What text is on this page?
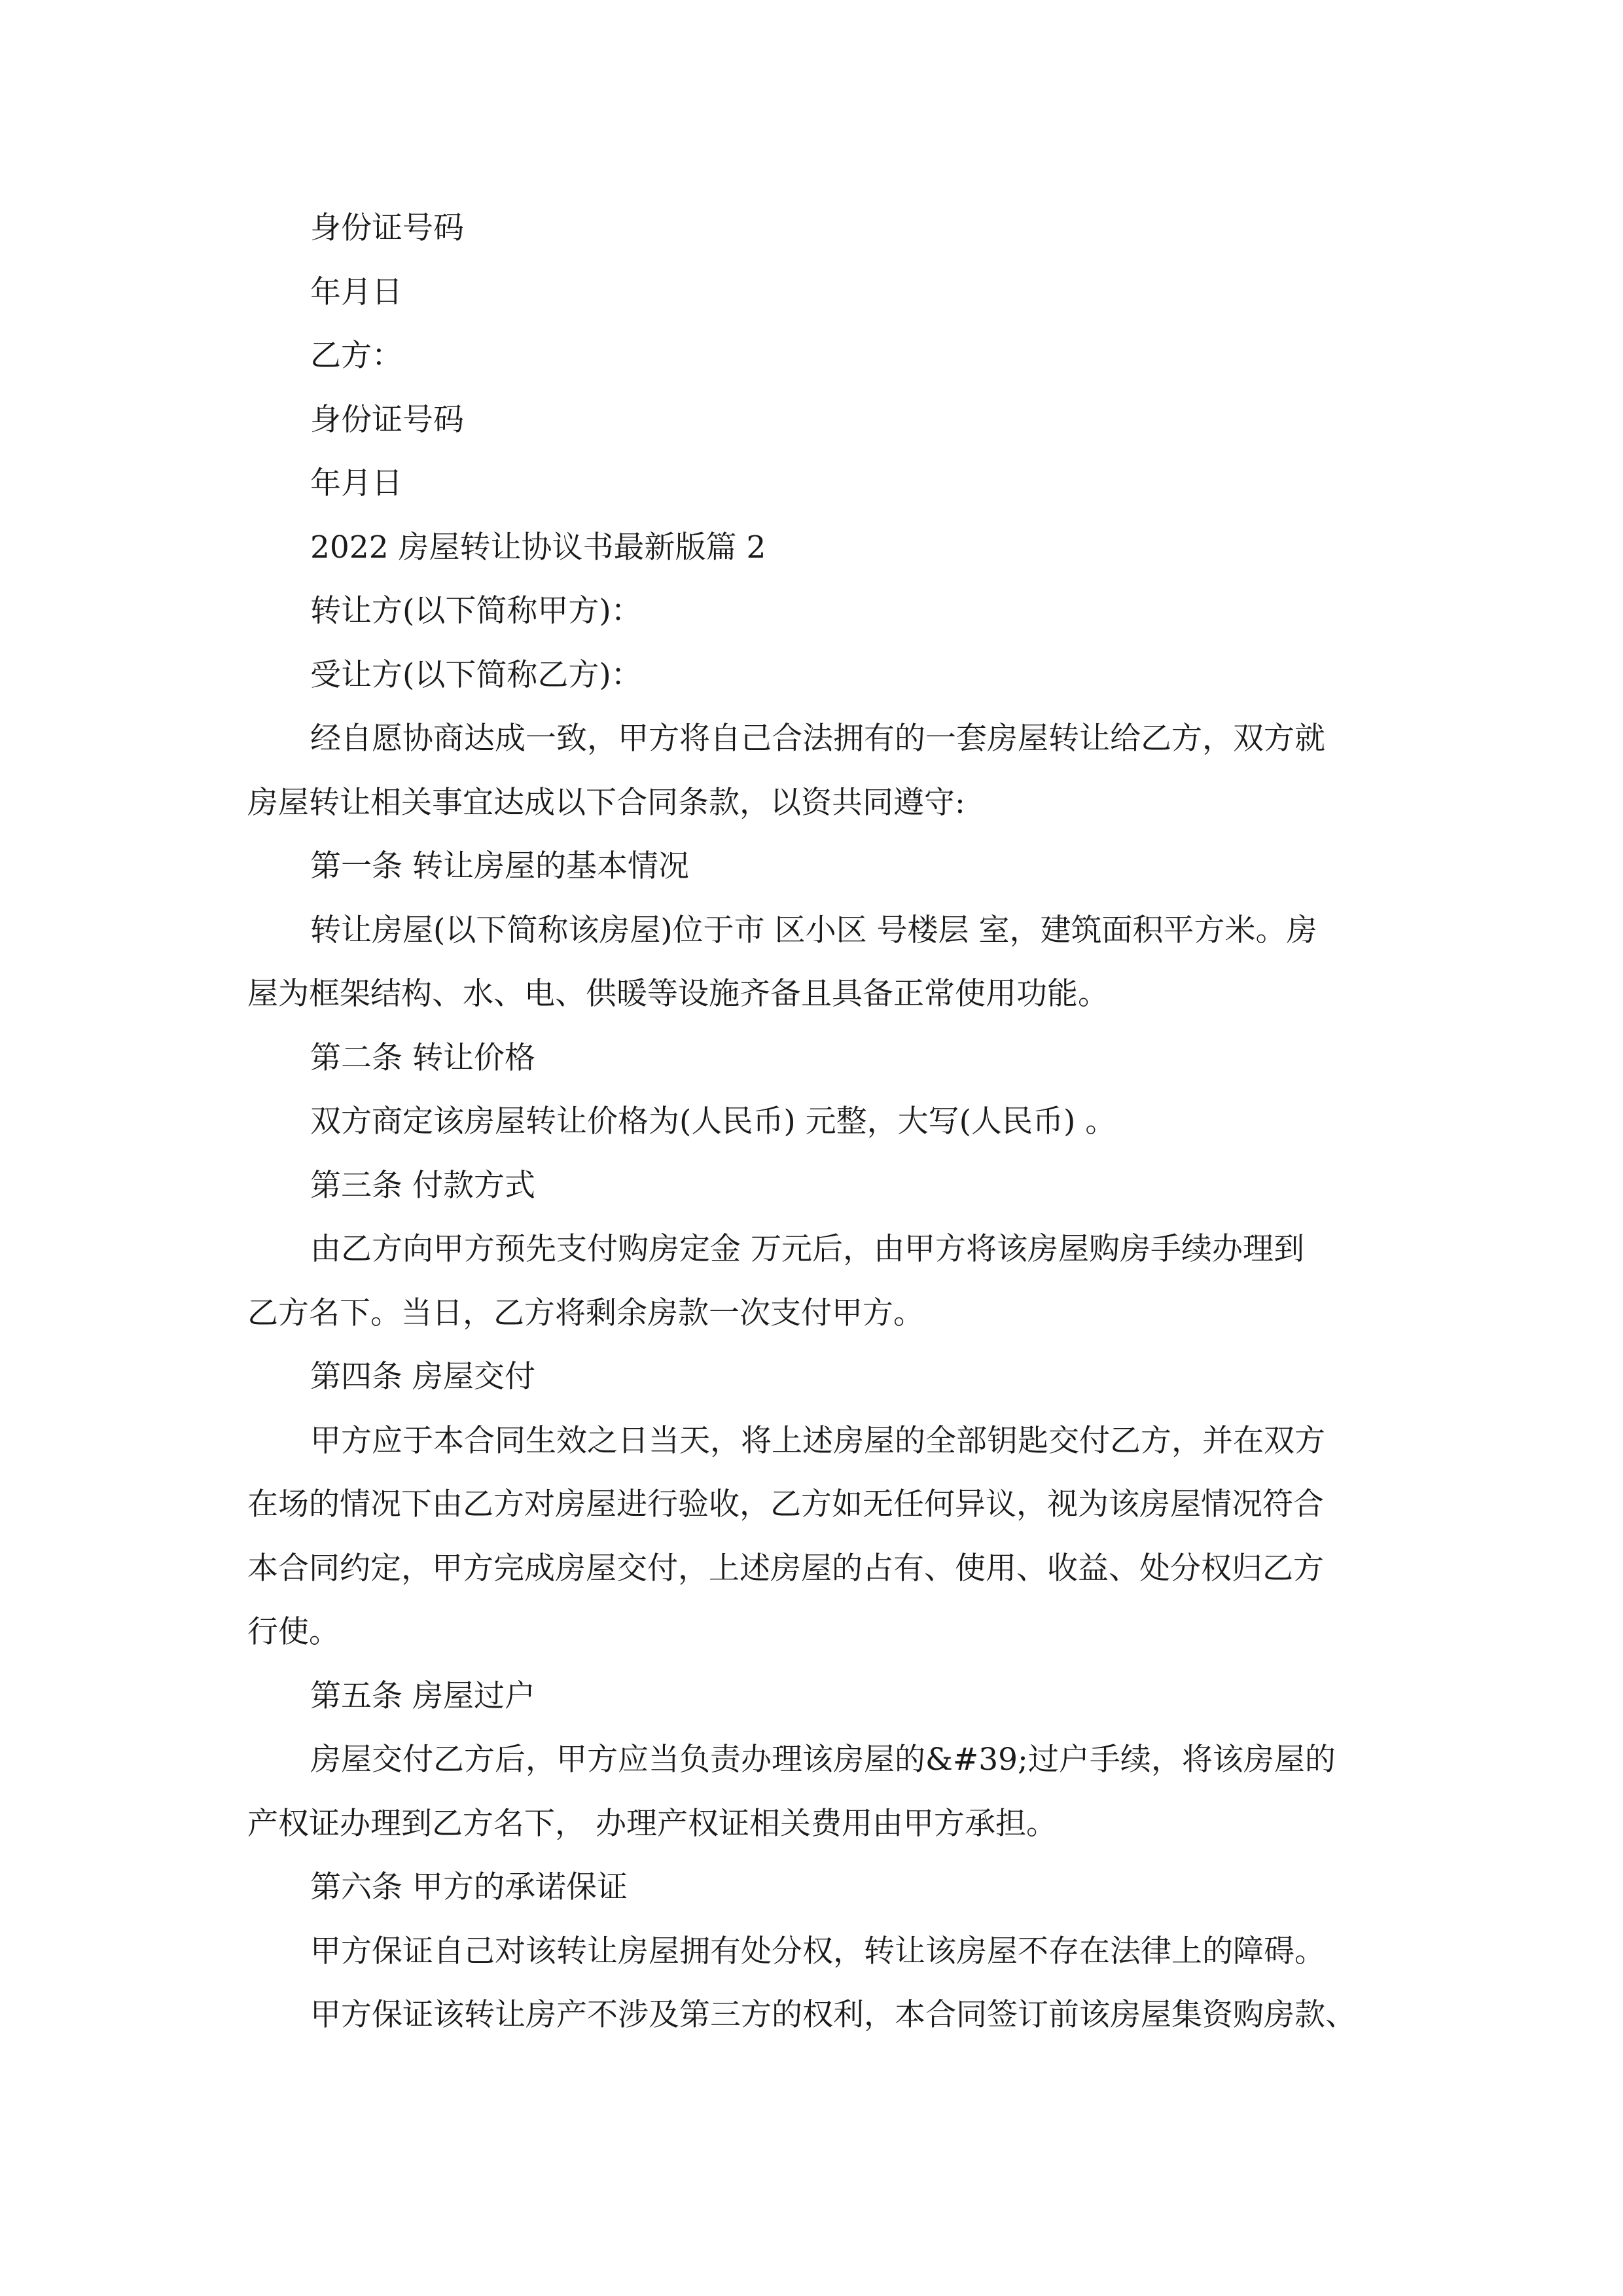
身份证号码

年月日

乙方：

身份证号码

年月日

2022 房屋转让协议书最新版篇 2

转让方(以下简称甲方)：

受让方(以下简称乙方)：

经自愿协商达成一致，甲方将自己合法拥有的一套房屋转让给乙方，双方就

房屋转让相关事宜达成以下合同条款，以资共同遵守:

第一条 转让房屋的基本情况

转让房屋(以下简称该房屋)位于市 区小区 号楼层 室，建筑面积平方米。房

屋为框架结构、水、电、供暖等设施齐备且具备正常使用功能。

第二条 转让价格

双方商定该房屋转让价格为(人民币) 元整，大写(人民币) 。

第三条 付款方式

由乙方向甲方预先支付购房定金 万元后，由甲方将该房屋购房手续办理到

乙方名下。当日，乙方将剩余房款一次支付甲方。

第四条 房屋交付

甲方应于本合同生效之日当天，将上述房屋的全部钥匙交付乙方，并在双方

在场的情况下由乙方对房屋进行验收，乙方如无任何异议，视为该房屋情况符合

本合同约定，甲方完成房屋交付，上述房屋的占有、使用、收益、处分权归乙方

行使。

第五条 房屋过户

房屋交付乙方后，甲方应当负责办理该房屋的&#39;过户手续，将该房屋的

产权证办理到乙方名下， 办理产权证相关费用由甲方承担。

第六条 甲方的承诺保证

甲方保证自己对该转让房屋拥有处分权，转让该房屋不存在法律上的障碍。

甲方保证该转让房产不涉及第三方的权利，本合同签订前该房屋集资购房款、
